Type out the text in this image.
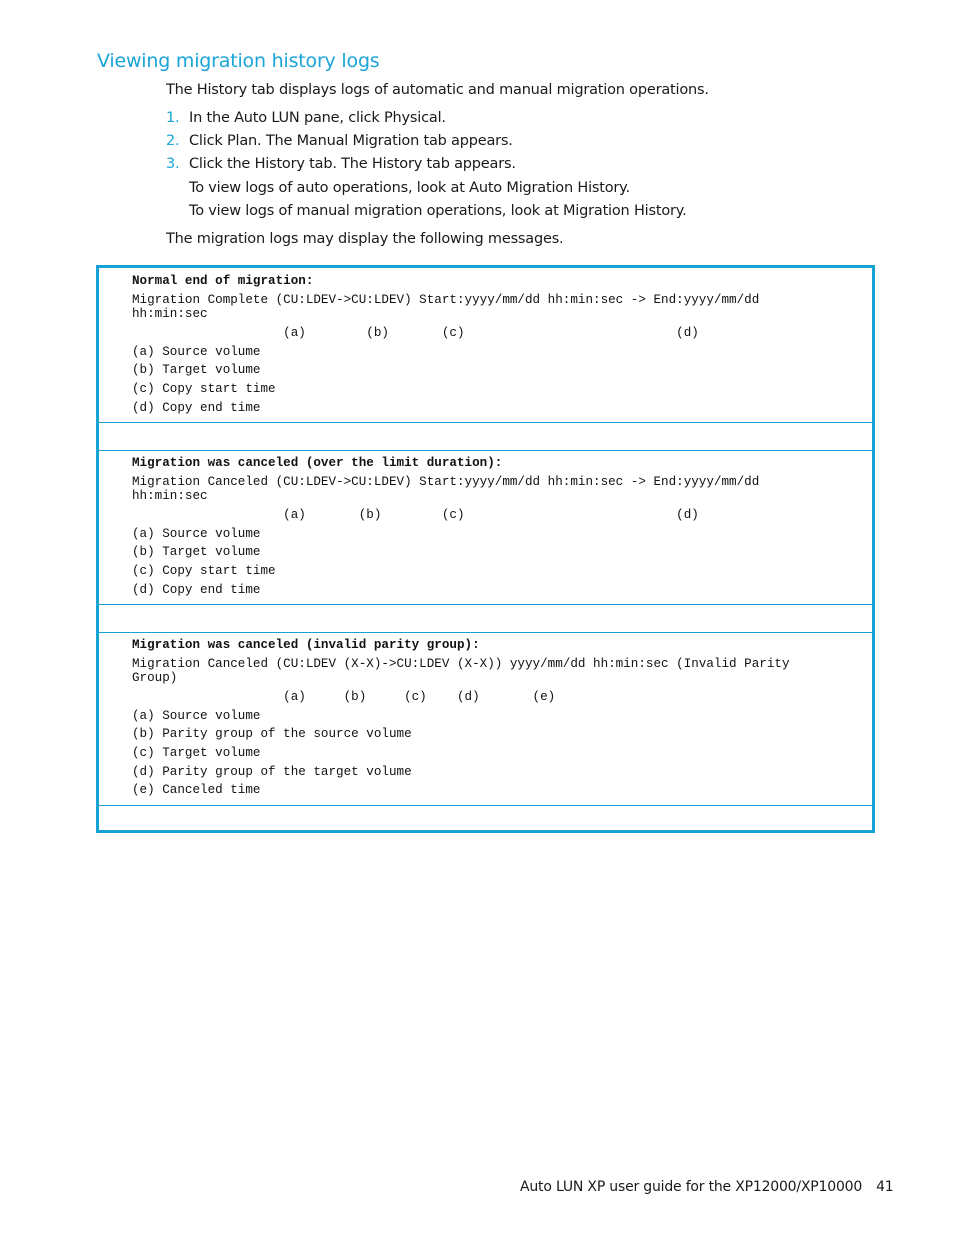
Viewing migration history logs
The History tab displays logs of automatic and manual migration operations.
1. In the Auto LUN pane, click Physical.
2. Click Plan. The Manual Migration tab appears.
3. Click the History tab. The History tab appears.
To view logs of auto operations, look at Auto Migration History.
To view logs of manual migration operations, look at Migration History.
The migration logs may display the following messages.
Normal end of migration:
Migration Complete (CU:LDEV->CU:LDEV) Start:yyyy/mm/dd hh:min:sec -> End:yyyy/mm/dd
hh:min:sec
(a)        (b)       (c)                            (d)
(a) Source volume
(b) Target volume
(c) Copy start time
(d) Copy end time
Migration was canceled (over the limit duration):
Migration Canceled (CU:LDEV->CU:LDEV) Start:yyyy/mm/dd hh:min:sec -> End:yyyy/mm/dd
hh:min:sec
(a)       (b)        (c)                            (d)
(a) Source volume
(b) Target volume
(c) Copy start time
(d) Copy end time
Migration was canceled (invalid parity group):
Migration Canceled (CU:LDEV (X-X)->CU:LDEV (X-X)) yyyy/mm/dd hh:min:sec (Invalid Parity
Group)
(a)     (b)     (c)    (d)       (e)
(a) Source volume
(b) Parity group of the source volume
(c) Target volume
(d) Parity group of the target volume
(e) Canceled time
Auto LUN XP user guide for the XP12000/XP10000 41
